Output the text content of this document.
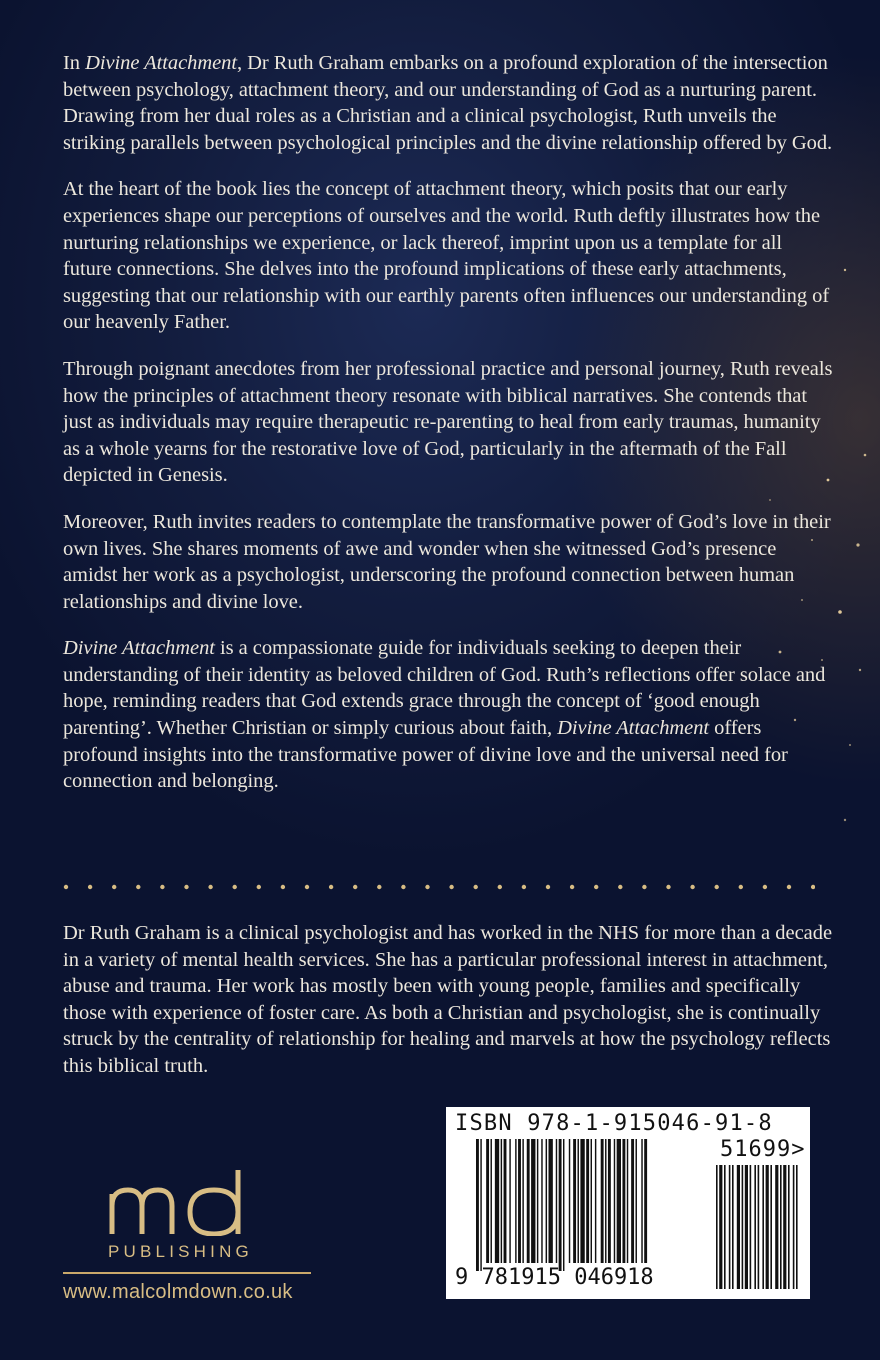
In Divine Attachment, Dr Ruth Graham embarks on a profound exploration of the intersection between psychology, attachment theory, and our understanding of God as a nurturing parent. Drawing from her dual roles as a Christian and a clinical psychologist, Ruth unveils the striking parallels between psychological principles and the divine relationship offered by God.

At the heart of the book lies the concept of attachment theory, which posits that our early experiences shape our perceptions of ourselves and the world. Ruth deftly illustrates how the nurturing relationships we experience, or lack thereof, imprint upon us a template for all future connections. She delves into the profound implications of these early attachments, suggesting that our relationship with our earthly parents often influences our understanding of our heavenly Father.

Through poignant anecdotes from her professional practice and personal journey, Ruth reveals how the principles of attachment theory resonate with biblical narratives. She contends that just as individuals may require therapeutic re-parenting to heal from early traumas, humanity as a whole yearns for the restorative love of God, particularly in the aftermath of the Fall depicted in Genesis.

Moreover, Ruth invites readers to contemplate the transformative power of God’s love in their own lives. She shares moments of awe and wonder when she witnessed God’s presence amidst her work as a psychologist, underscoring the profound connection between human relationships and divine love.

Divine Attachment is a compassionate guide for individuals seeking to deepen their understanding of their identity as beloved children of God. Ruth’s reflections offer solace and hope, reminding readers that God extends grace through the concept of ‘good enough parenting’. Whether Christian or simply curious about faith, Divine Attachment offers profound insights into the transformative power of divine love and the universal need for connection and belonging.

Dr Ruth Graham is a clinical psychologist and has worked in the NHS for more than a decade in a variety of mental health services. She has a particular professional interest in attachment, abuse and trauma. Her work has mostly been with young people, families and specifically those with experience of foster care. As both a Christian and psychologist, she is continually struck by the centrality of relationship for healing and marvels at how the psychology reflects this biblical truth.

ISBN 978-1-915046-91-8
51699>
9 781915 046918
PUBLISHING
www.malcolmdown.co.uk
